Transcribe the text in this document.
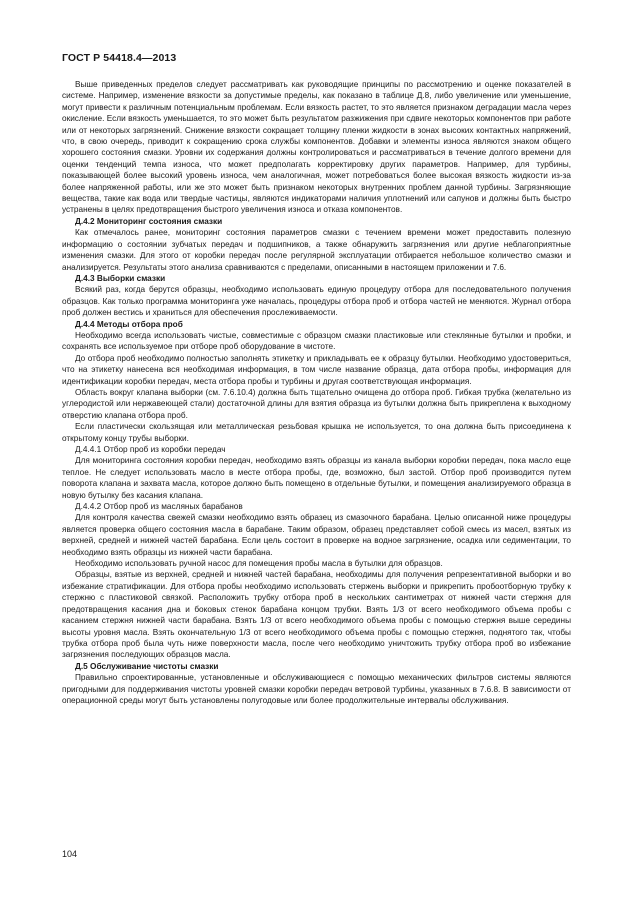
ГОСТ Р 54418.4—2013

Выше приведенных пределов следует рассматривать как руководящие принципы по рассмотрению и оценке показателей в системе. Например, изменение вязкости за допустимые пределы, как показано в таблице Д.8, либо увеличение или уменьшение, могут привести к различным потенциальным проблемам. Если вязкость растет, то это является признаком деградации масла через окисление. Если вязкость уменьшается, то это может быть результатом разжижения при сдвиге некоторых компонентов при работе или от некоторых загрязнений. Снижение вязкости сокращает толщину пленки жидкости в зонах высоких контактных напряжений, что, в свою очередь, приводит к сокращению срока службы компонентов. Добавки и элементы износа являются знаком общего хорошего состояния смазки. Уровни их содержания должны контролироваться и рассматриваться в течение долгого времени для оценки тенденций темпа износа, что может предполагать корректировку других параметров. Например, для турбины, показывающей более высокий уровень износа, чем аналогичная, может потребоваться более высокая вязкость жидкости из-за более напряженной работы, или же это может быть признаком некоторых внутренних проблем данной турбины. Загрязняющие вещества, такие как вода или твердые частицы, являются индикаторами наличия уплотнений или сапунов и должны быть быстро устранены в целях предотвращения быстрого увеличения износа и отказа компонентов.

Д.4.2 Мониторинг состояния смазки

Как отмечалось ранее, мониторинг состояния параметров смазки с течением времени может предоставить полезную информацию о состоянии зубчатых передач и подшипников, а также обнаружить загрязнения или другие неблагоприятные изменения смазки. Для этого от коробки передач после регулярной эксплуатации отбирается небольшое количество смазки и анализируется. Результаты этого анализа сравниваются с пределами, описанными в настоящем приложении и 7.6.

Д.4.3 Выборки смазки

Всякий раз, когда берутся образцы, необходимо использовать единую процедуру отбора для последовательного получения образцов. Как только программа мониторинга уже началась, процедуры отбора проб и отбора частей не меняются. Журнал отбора проб должен вестись и храниться для обеспечения прослеживаемости.

Д.4.4 Методы отбора проб

Необходимо всегда использовать чистые, совместимые с образцом смазки пластиковые или стеклянные бутылки и пробки, и сохранять все используемое при отборе проб оборудование в чистоте.

До отбора проб необходимо полностью заполнять этикетку и прикладывать ее к образцу бутылки. Необходимо удостовериться, что на этикетку нанесена вся необходимая информация, в том числе название образца, дата отбора пробы, информация для идентификации коробки передач, места отбора пробы и турбины и другая соответствующая информация.

Область вокруг клапана выборки (см. 7.6.10.4) должна быть тщательно очищена до отбора проб. Гибкая трубка (желательно из углеродистой или нержавеющей стали) достаточной длины для взятия образца из бутылки должна быть прикреплена к выходному отверстию клапана отбора проб.

Если пластически скользящая или металлическая резьбовая крышка не используется, то она должна быть присоединена к открытому концу трубы выборки.

Д.4.4.1 Отбор проб из коробки передач

Для мониторинга состояния коробки передач, необходимо взять образцы из канала выборки коробки передач, пока масло еще теплое. Не следует использовать масло в месте отбора пробы, где, возможно, был застой. Отбор проб производится путем поворота клапана и захвата масла, которое должно быть помещено в отдельные бутылки, и помещения анализируемого образца в новую бутылку без касания клапана.

Д.4.4.2 Отбор проб из масляных барабанов

Для контроля качества свежей смазки необходимо взять образец из смазочного барабана. Целью описанной ниже процедуры является проверка общего состояния масла в барабане. Таким образом, образец представляет собой смесь из масел, взятых из верхней, средней и нижней частей барабана. Если цель состоит в проверке на водное загрязнение, осадка или седиментации, то необходимо взять образцы из нижней части барабана.

Необходимо использовать ручной насос для помещения пробы масла в бутылки для образцов.

Образцы, взятые из верхней, средней и нижней частей барабана, необходимы для получения репрезентативной выборки и во избежание стратификации. Для отбора пробы необходимо использовать стержень выборки и прикрепить пробоотборную трубку к стержню с пластиковой связкой. Расположить трубку отбора проб в нескольких сантиметрах от нижней части стержня для предотвращения касания дна и боковых стенок барабана концом трубки. Взять 1/3 от всего необходимого объема пробы с касанием стержня нижней части барабана. Взять 1/3 от всего необходимого объема пробы с помощью стержня выше середины высоты уровня масла. Взять окончательную 1/3 от всего необходимого объема пробы с помощью стержня, поднятого так, чтобы трубка отбора проб была чуть ниже поверхности масла, после чего необходимо уничтожить трубку отбора проб во избежание загрязнения последующих образцов масла.

Д.5 Обслуживание чистоты смазки

Правильно спроектированные, установленные и обслуживающиеся с помощью механических фильтров системы являются пригодными для поддерживания чистоты уровней смазки коробки передач ветровой турбины, указанных в 7.6.8. В зависимости от операционной среды могут быть установлены полугодовые или более продолжительные интервалы обслуживания.

104
